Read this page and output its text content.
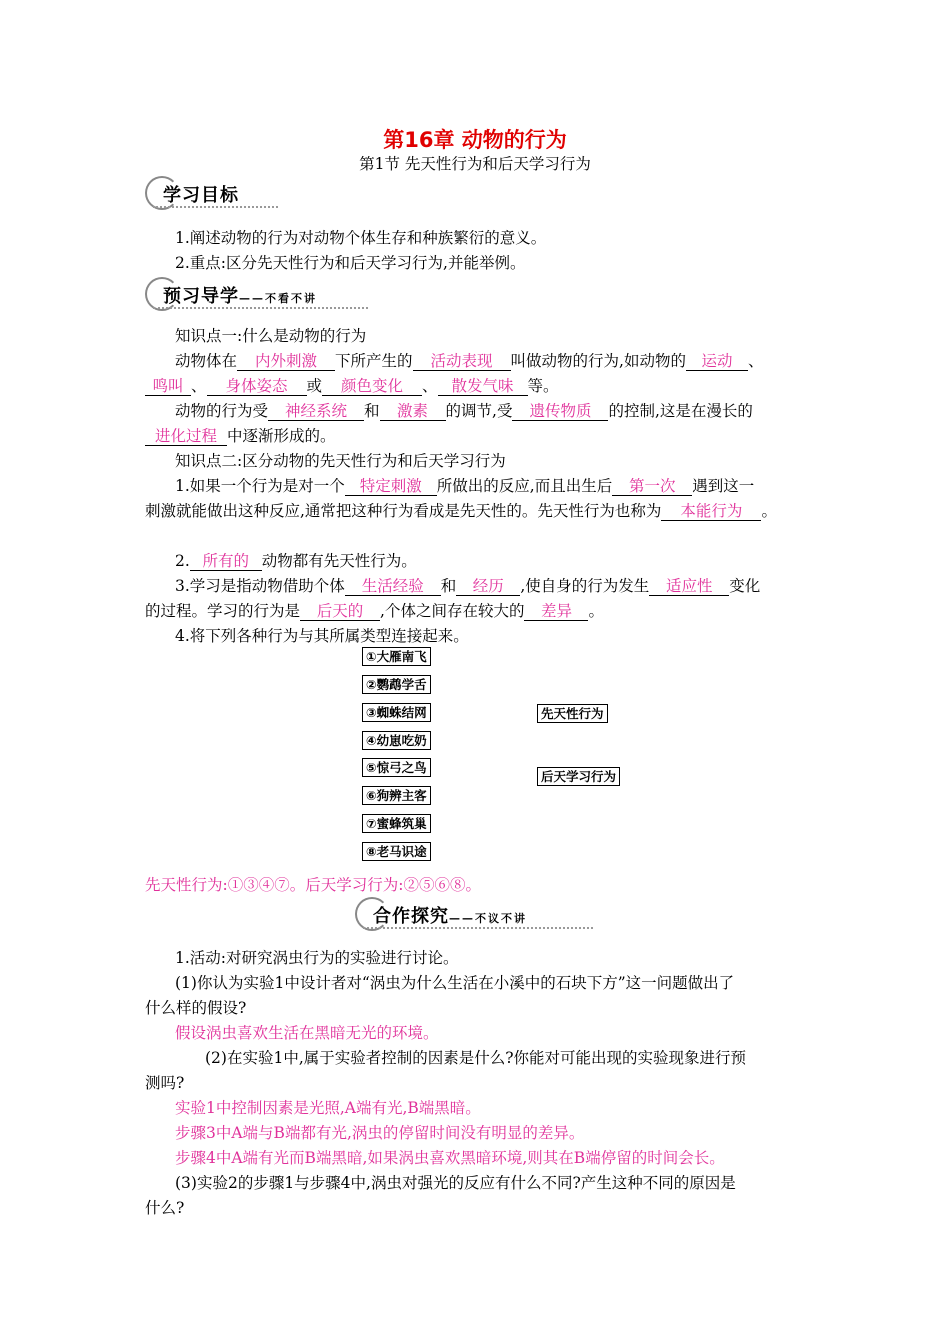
第16章 动物的行为
第1节 先天性行为和后天学习行为
学习目标
1.阐述动物的行为对动物个体生存和种族繁衍的意义。
2.重点:区分先天性行为和后天学习行为,并能举例。
预习导学——不看不讲
知识点一:什么是动物的行为
动物体在 内外刺激 下所产生的 活动表现 叫做动物的行为,如动物的 运动 、
鸣叫 、 身体姿态 或 颜色变化 、 散发气味 等。
动物的行为受 神经系统 和 激素 的调节,受 遗传物质 的控制,这是在漫长的
进化过程 中逐渐形成的。
知识点二:区分动物的先天性行为和后天学习行为
1.如果一个行为是对一个 特定刺激 所做出的反应,而且出生后 第一次 遇到这一
刺激就能做出这种反应,通常把这种行为看成是先天性的。先天性行为也称为 本能行为 。
2. 所有的 动物都有先天性行为。
3.学习是指动物借助个体 生活经验 和 经历 ,使自身的行为发生 适应性 变化
的过程。学习的行为是 后天的 ,个体之间存在较大的 差异 。
4.将下列各种行为与其所属类型连接起来。
①大雁南飞
②鹦鹉学舌
③蜘蛛结网
④幼崽吃奶
⑤惊弓之鸟
⑥狗辨主客
⑦蜜蜂筑巢
⑧老马识途
先天性行为
后天学习行为
先天性行为:①③④⑦。后天学习行为:②⑤⑥⑧。
合作探究——不议不讲
1.活动:对研究涡虫行为的实验进行讨论。
(1)你认为实验1中设计者对“涡虫为什么生活在小溪中的石块下方”这一问题做出了
什么样的假设?
假设涡虫喜欢生活在黑暗无光的环境。
(2)在实验1中,属于实验者控制的因素是什么?你能对可能出现的实验现象进行预
测吗?
实验1中控制因素是光照,A端有光,B端黑暗。
步骤3中A端与B端都有光,涡虫的停留时间没有明显的差异。
步骤4中A端有光而B端黑暗,如果涡虫喜欢黑暗环境,则其在B端停留的时间会长。
(3)实验2的步骤1与步骤4中,涡虫对强光的反应有什么不同?产生这种不同的原因是
什么?
